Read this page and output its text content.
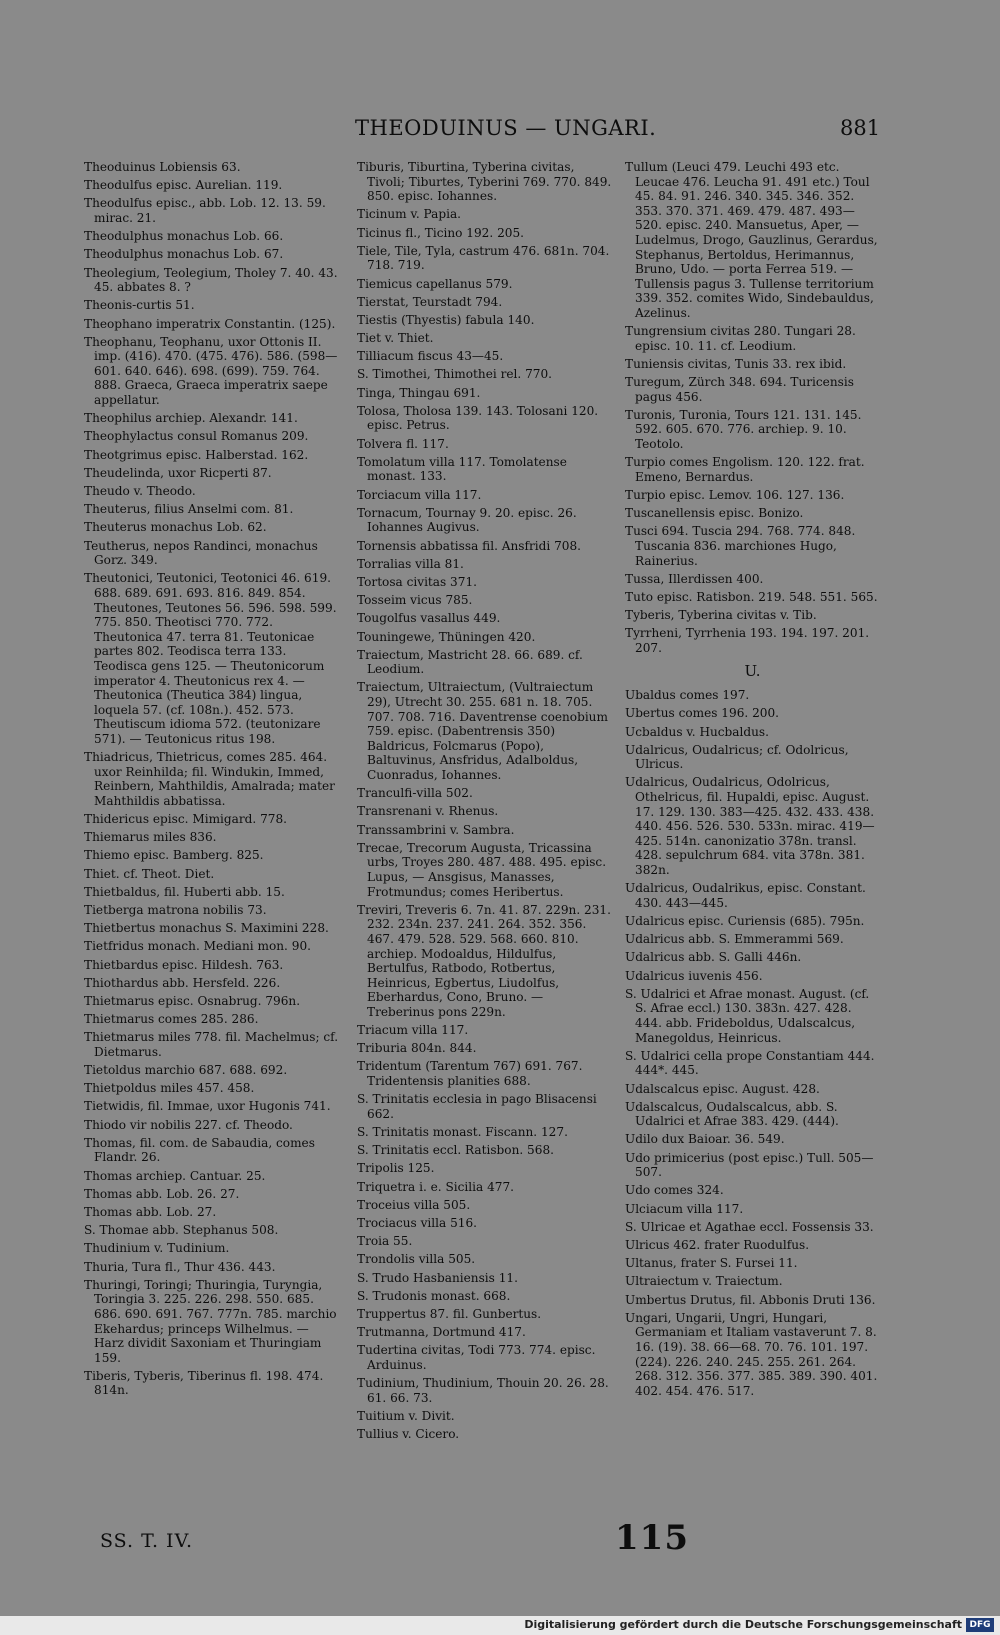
THEODUINUS — UNGARI.	881
Theoduinus Lobiensis 63.
Theodulfus episc. Aurelian. 119.
Theodulfus episc., abb. Lob. 12. 13. 59. mirac. 21.
Theodulphus monachus Lob. 66.
Theodulphus monachus Lob. 67.
Theolegium, Teolegium, Tholey 7. 40. 43. 45. abbates 8. ?
Theonis-curtis 51.
Theophano imperatrix Constantin. (125).
Theophanu, Teophanu, uxor Ottonis II. imp. (416). 470. (475. 476). 586. (598—601. 640. 646). 698. (699). 759. 764. 888. Graeca, Graeca imperatrix saepe appellatur.
Theophilus archiep. Alexandr. 141.
Theophylactus consul Romanus 209.
Theotgrimus episc. Halberstad. 162.
Theudelinda, uxor Ricperti 87.
Theudo v. Theodo.
Theuterus, filius Anselmi com. 81.
Theuterus monachus Lob. 62.
Teutherus, nepos Randinci, monachus Gorz. 349.
Theutonici, Teutonici, Teotonici 46. 619. 688. 689. 691. 693. 816. 849. 854. Theutones, Teutones 56. 596. 598. 599. 775. 850. Theotisci 770. 772. Theutonica 47. terra 81. Teutonicae partes 802. Teodisca terra 133. Teodisca gens 125. — Theutonicorum imperator 4. Theutonicus rex 4. — Theutonica (Theutica 384) lingua, loquela 57. (cf. 108n.). 452. 573. Theutiscum idioma 572. (teutonizare 571). — Teutonicus ritus 198.
Thiadricus, Thietricus, comes 285. 464. uxor Reinhilda; fil. Windukin, Immed, Reinbern, Mahthildis, Amalrada; mater Mahthildis abbatissa.
Thidericus episc. Mimigard. 778.
Thiemarus miles 836.
Thiemo episc. Bamberg. 825.
Thiet. cf. Theot. Diet.
Thietbaldus, fil. Huberti abb. 15.
Tietberga matrona nobilis 73.
Thietbertus monachus S. Maximini 228.
Tietfridus monach. Mediani mon. 90.
Thietbardus episc. Hildesh. 763.
Thiothardus abb. Hersfeld. 226.
Thietmarus episc. Osnabrug. 796n.
Thietmarus comes 285. 286.
Thietmarus miles 778. fil. Machelmus; cf. Dietmarus.
Tietoldus marchio 687. 688. 692.
Thietpoldus miles 457. 458.
Tietwidis, fil. Immae, uxor Hugonis 741.
Thiodo vir nobilis 227. cf. Theodo.
Thomas, fil. com. de Sabaudia, comes Flandr. 26.
Thomas archiep. Cantuar. 25.
Thomas abb. Lob. 26. 27.
Thomas abb. Lob. 27.
S. Thomae abb. Stephanus 508.
Thudinium v. Tudinium.
Thuria, Tura fl., Thur 436. 443.
Thuringi, Toringi; Thuringia, Turyngia, Toringia 3. 225. 226. 298. 550. 685. 686. 690. 691. 767. 777n. 785. marchio Ekehardus; princeps Wilhelmus. — Harz dividit Saxoniam et Thuringiam 159.
Tiberis, Tyberis, Tiberinus fl. 198. 474. 814n.
Tiburis, Tiburtina, Tyberina civitas, Tivoli; Tiburtes, Tyberini 769. 770. 849. 850. episc. Iohannes.
Ticinum v. Papia.
Ticinus fl., Ticino 192. 205.
Tiele, Tile, Tyla, castrum 476. 681n. 704. 718. 719.
Tiemicus capellanus 579.
Tierstat, Teurstadt 794.
Tiestis (Thyestis) fabula 140.
Tiet v. Thiet.
Tilliacum fiscus 43—45.
S. Timothei, Thimothei rel. 770.
Tinga, Thingau 691.
Tolosa, Tholosa 139. 143. Tolosani 120. episc. Petrus.
Tolvera fl. 117.
Tomolatum villa 117. Tomolatense monast. 133.
Torciacum villa 117.
Tornacum, Tournay 9. 20. episc. 26. Iohannes Augivus.
Tornensis abbatissa fil. Ansfridi 708.
Torralias villa 81.
Tortosa civitas 371.
Tosseim vicus 785.
Tougolfus vasallus 449.
Touningewe, Thüningen 420.
Traiectum, Mastricht 28. 66. 689. cf. Leodium.
Traiectum, Ultraiectum, (Vultraiectum 29), Utrecht 30. 255. 681 n. 18. 705. 707. 708. 716. Daventrense coenobium 759. episc. (Dabentrensis 350) Baldricus, Folcmarus (Popo), Baltuvinus, Ansfridus, Adalboldus, Cuonradus, Iohannes.
Tranculfi-villa 502.
Transrenani v. Rhenus.
Transsambrini v. Sambra.
Trecae, Trecorum Augusta, Tricassina urbs, Troyes 280. 487. 488. 495. episc. Lupus, — Ansgisus, Manasses, Frotmundus; comes Heribertus.
Treviri, Treveris 6. 7n. 41. 87. 229n. 231. 232. 234n. 237. 241. 264. 352. 356. 467. 479. 528. 529. 568. 660. 810. archiep. Modoaldus, Hildulfus, Bertulfus, Ratbodo, Rotbertus, Heinricus, Egbertus, Liudolfus, Eberhardus, Cono, Bruno. — Treberinus pons 229n.
Triacum villa 117.
Triburia 804n. 844.
Tridentum (Tarentum 767) 691. 767. Tridentensis planities 688.
S. Trinitatis ecclesia in pago Blisacensi 662.
S. Trinitatis monast. Fiscann. 127.
S. Trinitatis eccl. Ratisbon. 568.
Tripolis 125.
Triquetra i. e. Sicilia 477.
Troceius villa 505.
Trociacus villa 516.
Troia 55.
Trondolis villa 505.
S. Trudo Hasbaniensis 11.
S. Trudonis monast. 668.
Truppertus 87. fil. Gunbertus.
Trutmanna, Dortmund 417.
Tudertina civitas, Todi 773. 774. episc. Arduinus.
Tudinium, Thudinium, Thouin 20. 26. 28. 61. 66. 73.
Tuitium v. Divit.
Tullius v. Cicero.
Tullum (Leuci 479. Leuchi 493 etc. Leucae 476. Leucha 91. 491 etc.) Toul 45. 84. 91. 246. 340. 345. 346. 352. 353. 370. 371. 469. 479. 487. 493—520. episc. 240. Mansuetus, Aper, — Ludelmus, Drogo, Gauzlinus, Gerardus, Stephanus, Bertoldus, Herimannus, Bruno, Udo. — porta Ferrea 519. — Tullensis pagus 3. Tullense territorium 339. 352. comites Wido, Sindebauldus, Azelinus.
Tungrensium civitas 280. Tungari 28. episc. 10. 11. cf. Leodium.
Tuniensis civitas, Tunis 33. rex ibid.
Turegum, Zürch 348. 694. Turicensis pagus 456.
Turonis, Turonia, Tours 121. 131. 145. 592. 605. 670. 776. archiep. 9. 10. Teotolo.
Turpio comes Engolism. 120. 122. frat. Emeno, Bernardus.
Turpio episc. Lemov. 106. 127. 136.
Tuscanellensis episc. Bonizo.
Tusci 694. Tuscia 294. 768. 774. 848. Tuscania 836. marchiones Hugo, Rainerius.
Tussa, Illerdissen 400.
Tuto episc. Ratisbon. 219. 548. 551. 565.
Tyberis, Tyberina civitas v. Tib.
Tyrrheni, Tyrrhenia 193. 194. 197. 201. 207.
U.
Ubaldus comes 197.
Ubertus comes 196. 200.
Ucbaldus v. Hucbaldus.
Udalricus, Oudalricus; cf. Odolricus, Ulricus.
Udalricus, Oudalricus, Odolricus, Othelricus, fil. Hupaldi, episc. August. 17. 129. 130. 383—425. 432. 433. 438. 440. 456. 526. 530. 533n. mirac. 419—425. 514n. canonizatio 378n. transl. 428. sepulchrum 684. vita 378n. 381. 382n.
Udalricus, Oudalrikus, episc. Constant. 430. 443—445.
Udalricus episc. Curiensis (685). 795n.
Udalricus abb. S. Emmerammi 569.
Udalricus abb. S. Galli 446n.
Udalricus iuvenis 456.
S. Udalrici et Afrae monast. August. (cf. S. Afrae eccl.) 130. 383n. 427. 428. 444. abb. Frideboldus, Udalscalcus, Manegoldus, Heinricus.
S. Udalrici cella prope Constantiam 444. 444*. 445.
Udalscalcus episc. August. 428.
Udalscalcus, Oudalscalcus, abb. S. Udalrici et Afrae 383. 429. (444).
Udilo dux Baioar. 36. 549.
Udo primicerius (post episc.) Tull. 505—507.
Udo comes 324.
Ulciacum villa 117.
S. Ulricae et Agathae eccl. Fossensis 33.
Ulricus 462. frater Ruodulfus.
Ultanus, frater S. Fursei 11.
Ultraiectum v. Traiectum.
Umbertus Drutus, fil. Abbonis Druti 136.
Ungari, Ungarii, Ungri, Hungari, Germaniam et Italiam vastaverunt 7. 8. 16. (19). 38. 66—68. 70. 76. 101. 197. (224). 226. 240. 245. 255. 261. 264. 268. 312. 356. 377. 385. 389. 390. 401. 402. 454. 476. 517.
SS. T. IV.	115
Digitalisierung gefördert durch die Deutsche Forschungsgemeinschaft DFG
